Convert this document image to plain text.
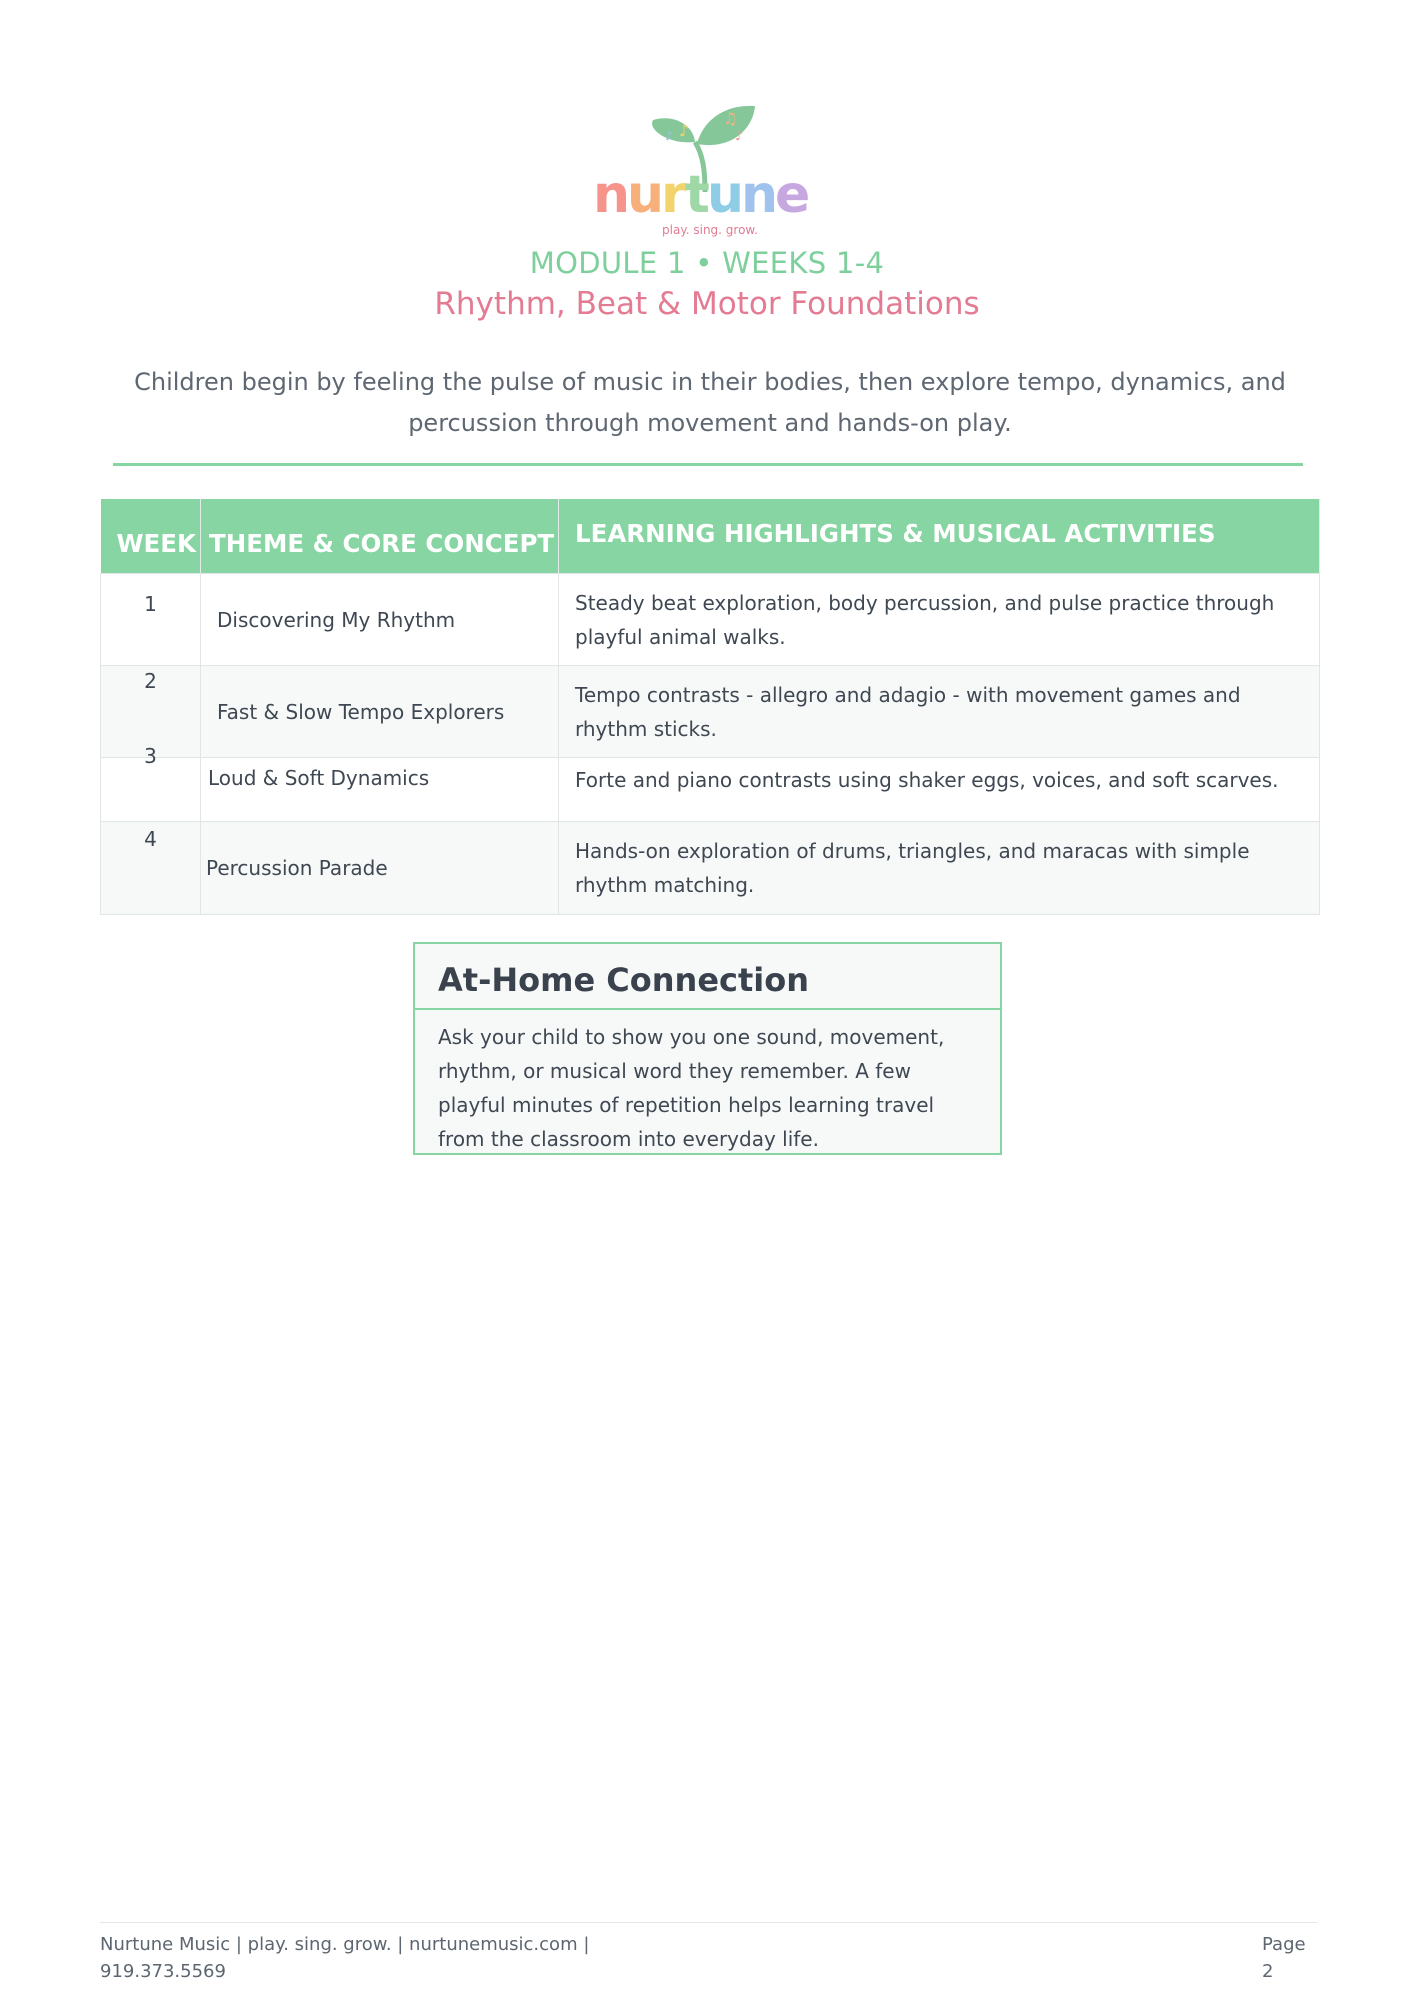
♪
♫
♪
♪
n
u
r
t
u
n
e
play. sing. grow.
MODULE 1 • WEEKS 1-4
Rhythm, Beat & Motor Foundations
Children begin by feeling the pulse of music in their bodies, then explore tempo, dynamics, and percussion through movement and hands-on play.
WEEK	THEME & CORE CONCEPT	LEARNING HIGHLIGHTS & MUSICAL ACTIVITIES

1	Discovering My Rhythm	Steady beat exploration, body percussion, and pulse practice through playful animal walks.

2	Fast & Slow Tempo Explorers	Tempo contrasts - allegro and adagio - with movement games and rhythm sticks.

3	Loud & Soft Dynamics	Forte and piano contrasts using shaker eggs, voices, and soft scarves.

4	Percussion Parade	Hands-on exploration of drums, triangles, and maracas with simple rhythm matching.
At-Home Connection
Ask your child to show you one sound, movement, rhythm, or musical word they remember. A few playful minutes of repetition helps learning travel from the classroom into everyday life.
Nurtune Music | play. sing. grow. | nurtunemusic.com |
919.373.5569
Page
2
